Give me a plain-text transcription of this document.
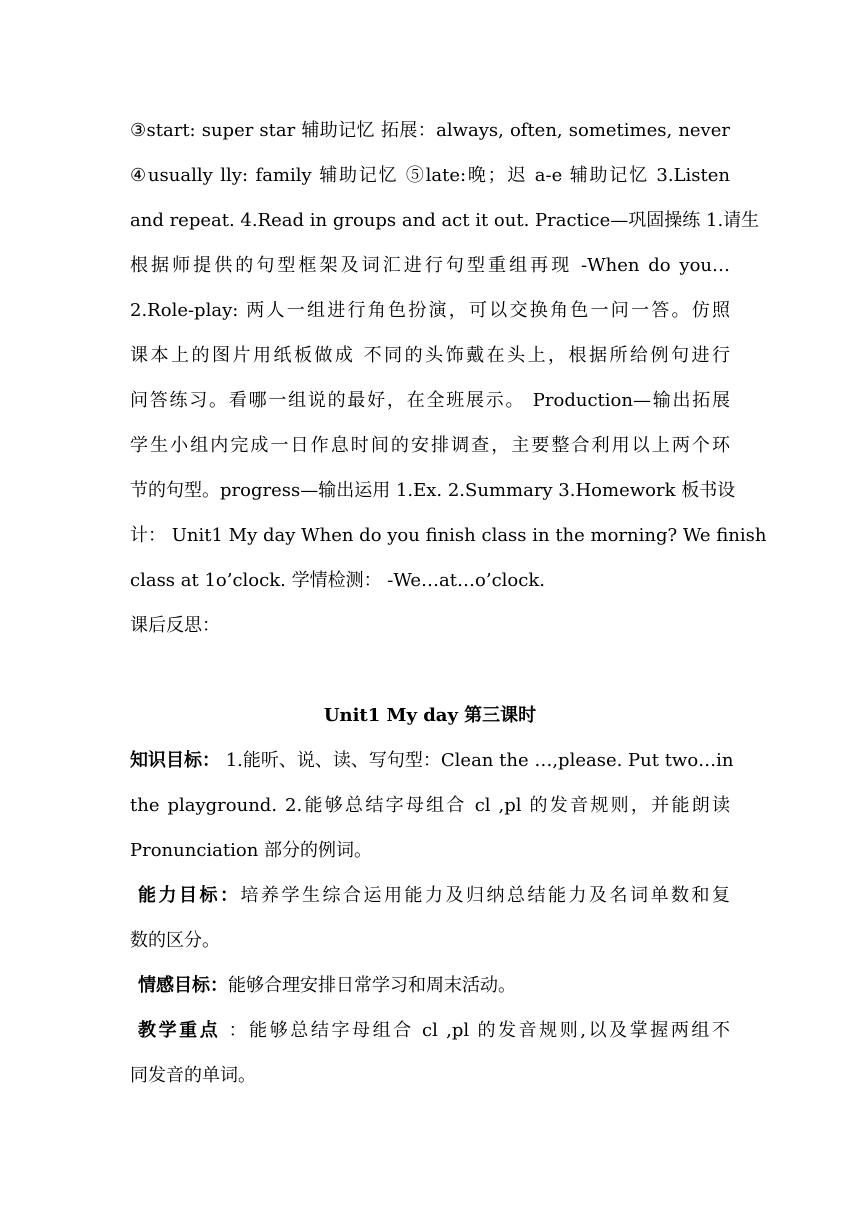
③start: super star 辅助记忆 拓展：always, often, sometimes, never
④usually lly: family 辅助记忆 ⑤late:晚；迟 a-e 辅助记忆 3.Listen
and repeat. 4.Read in groups and act it out. Practice—巩固操练 1.请生
根据师提供的句型框架及词汇进行句型重组再现 -When do you…
2.Role-play: 两人一组进行角色扮演，可以交换角色一问一答。仿照
课本上的图片用纸板做成 不同的头饰戴在头上，根据所给例句进行
问答练习。看哪一组说的最好，在全班展示。 Production—输出拓展
学生小组内完成一日作息时间的安排调查，主要整合利用以上两个环
节的句型。progress—输出运用 1.Ex. 2.Summary 3.Homework 板书设
计： Unit1 My day When do you finish class in the morning? We finish
class at 1o’clock. 学情检测： -We…at…o’clock.
课后反思：
Unit1 My day 第三课时
知识目标： 1.能听、说、读、写句型：Clean the …,please. Put two…in
the playground. 2.能够总结字母组合 cl ,pl 的发音规则，并能朗读
Pronunciation 部分的例词。
能力目标：培养学生综合运用能力及归纳总结能力及名词单数和复
数的区分。
情感目标：能够合理安排日常学习和周末活动。
教学重点 ：能够总结字母组合 cl ,pl 的发音规则,以及掌握两组不
同发音的单词。
